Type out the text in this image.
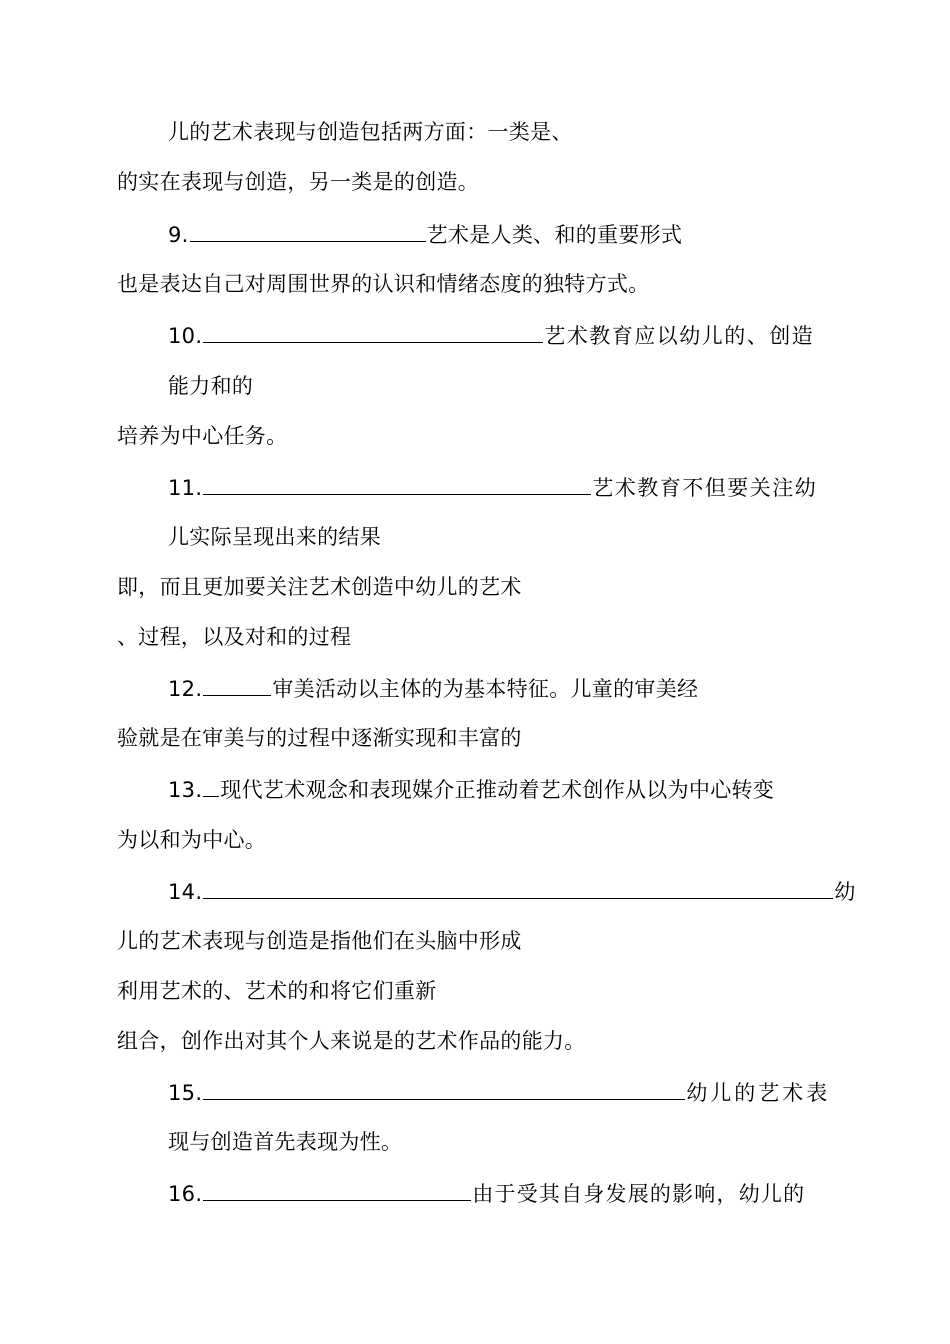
儿的艺术表现与创造包括两方面：一类是、
的实在表现与创造，另一类是的创造。
9.	艺术是人类、和的重要形式
也是表达自己对周围世界的认识和情绪态度的独特方式。
10.	艺术教育应以幼儿的、创造
能力和的
培养为中心任务。
11.	艺术教育不但要关注幼
儿实际呈现出来的结果
即，而且更加要关注艺术创造中幼儿的艺术
、过程，以及对和的过程
12.	审美活动以主体的为基本特征。儿童的审美经
验就是在审美与的过程中逐渐实现和丰富的
13. 现代艺术观念和表现媒介正推动着艺术创作从以为中心转变
为以和为中心。
14.	幼
儿的艺术表现与创造是指他们在头脑中形成
利用艺术的、艺术的和将它们重新
组合，创作出对其个人来说是的艺术作品的能力。
15.	幼儿的艺术表
现与创造首先表现为性。
16.	由于受其自身发展的影响，幼儿的
